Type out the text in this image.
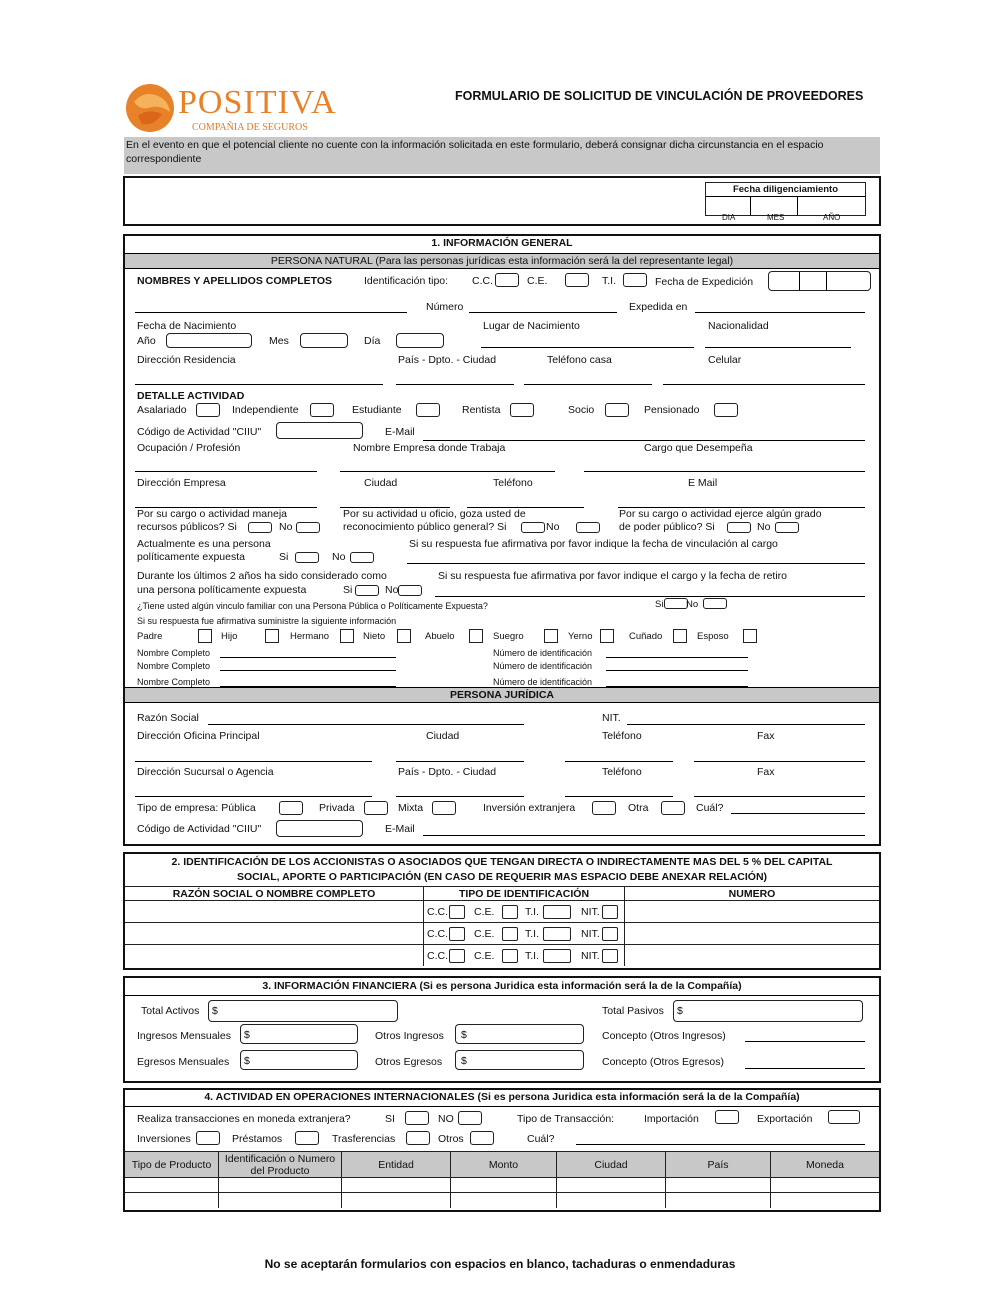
POSITIVA
COMPAÑIA DE SEGUROS
FORMULARIO DE SOLICITUD DE VINCULACIÓN DE PROVEEDORES
En el evento en que el potencial cliente no cuente con la información solicitada en este formulario, deberá consignar dicha circunstancia en el espacio correspondiente
Fecha diligenciamiento
DIA	MES	AÑO
1. INFORMACIÓN GENERAL
PERSONA NATURAL (Para las personas jurídicas esta información será la del representante legal)
NOMBRES Y APELLIDOS COMPLETOS	Identificación tipo: C.C.	C.E.	T.I.	Fecha de Expedición
Número	Expedida en
Fecha de Nacimiento
Año	Mes	Día
Lugar de Nacimiento	Nacionalidad
Dirección Residencia	País - Dpto. - Ciudad	Teléfono casa	Celular
DETALLE ACTIVIDAD
Asalariado	Independiente	Estudiante	Rentista	Socio	Pensionado
Código de Actividad "CIIU"	E-Mail
Ocupación / Profesión	Nombre Empresa donde Trabaja	Cargo que Desempeña
Dirección Empresa	Ciudad	Teléfono	E Mail
Por su cargo o actividad maneja
recursos públicos? Si	No
Por su actividad u oficio, goza usted de
reconocimiento público general? Si	No
Por su cargo o actividad ejerce algún grado
de poder público? Si	No
Actualmente es una persona
políticamente expuesta	Si	No
Si su respuesta fue afirmativa por favor indique la fecha de vinculación al cargo
Durante los últimos 2 años ha sido considerado como
una persona políticamente expuesta	Si	No
Si su respuesta fue afirmativa por favor indique el cargo y la fecha de retiro
¿Tiene usted algún vinculo familiar con una Persona Pública o Políticamente Expuesta?	Si No
Si su respuesta fue afirmativa suministre la siguiente información
Padre	Hijo	Hermano	Nieto	Abuelo	Suegro	Yerno	Cuñado	Esposo
Nombre Completo	Número de identificación
Nombre Completo	Número de identificación
Nombre Completo	Número de identificación
PERSONA JURÍDICA
Razón Social	NIT.
Dirección Oficina Principal	Ciudad	Teléfono	Fax
Dirección Sucursal o Agencia	País - Dpto. - Ciudad	Teléfono	Fax
Tipo de empresa: Pública	Privada	Mixta	Inversión extranjera	Otra	Cuál?
Código de Actividad "CIIU"	E-Mail
2. IDENTIFICACIÓN DE LOS ACCIONISTAS O ASOCIADOS QUE TENGAN DIRECTA O INDIRECTAMENTE MAS DEL 5 % DEL CAPITAL
SOCIAL, APORTE O PARTICIPACIÓN (EN CASO DE REQUERIR MAS ESPACIO DEBE ANEXAR RELACIÓN)
RAZÓN SOCIAL O NOMBRE COMPLETO	TIPO DE IDENTIFICACIÓN	NUMERO

	C.C. C.E. T.I. NIT.	

	C.C. C.E. T.I. NIT.	

	C.C. C.E. T.I. NIT.	

3. INFORMACIÓN FINANCIERA (Si es persona Juridica esta información será la de la Compañía)
Total Activos $	Total Pasivos $
Ingresos Mensuales $	Otros Ingresos $	Concepto (Otros Ingresos)
Egresos Mensuales $	Otros Egresos $	Concepto (Otros Egresos)
4. ACTIVIDAD EN OPERACIONES INTERNACIONALES (Si es persona Juridica esta información será la de la Compañía)
Realiza transacciones en moneda extranjera?	SI	NO	Tipo de Transacción:	Importación	Exportación
Inversiones	Préstamos	Trasferencias	Otros	Cuál?
Tipo de Producto	Identificación o Numero del Producto	Entidad	Monto	Ciudad	País	Moneda

No se aceptarán formularios con espacios en blanco, tachaduras o enmendaduras
